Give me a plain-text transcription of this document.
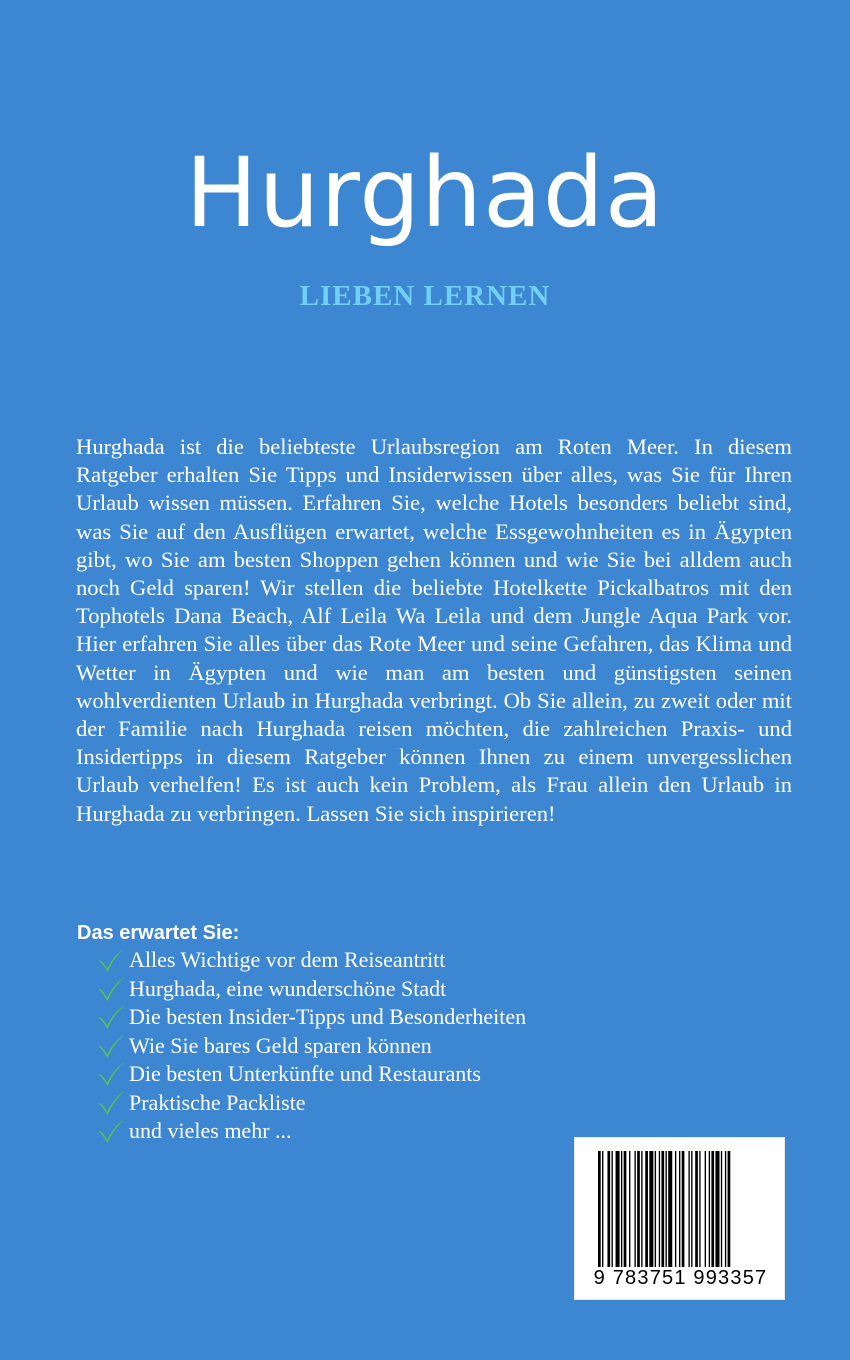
Hurghada
LIEBEN LERNEN

Hurghada ist die beliebteste Urlaubsregion am Roten Meer. In diesem Ratgeber erhalten Sie Tipps und Insiderwissen über alles, was Sie für Ihren Urlaub wissen müssen. Erfahren Sie, welche Hotels besonders beliebt sind, was Sie auf den Ausflügen erwartet, welche Essgewohnheiten es in Ägypten gibt, wo Sie am besten Shoppen gehen können und wie Sie bei alldem auch noch Geld sparen! Wir stellen die beliebte Hotelkette Pickalbatros mit den Tophotels Dana Beach, Alf Leila Wa Leila und dem Jungle Aqua Park vor. Hier erfahren Sie alles über das Rote Meer und seine Gefahren, das Klima und Wetter in Ägypten und wie man am besten und günstigsten seinen wohlverdienten Urlaub in Hurghada verbringt. Ob Sie allein, zu zweit oder mit der Familie nach Hurghada reisen möchten, die zahlreichen Praxis- und Insidertipps in diesem Ratgeber können Ihnen zu einem unvergesslichen Urlaub verhelfen! Es ist auch kein Problem, als Frau allein den Urlaub in Hurghada zu verbringen. Lassen Sie sich inspirieren!

Das erwartet Sie:
Alles Wichtige vor dem Reiseantritt
Hurghada, eine wunderschöne Stadt
Die besten Insider-Tipps und Besonderheiten
Wie Sie bares Geld sparen können
Die besten Unterkünfte und Restaurants
Praktische Packliste
und vieles mehr ...
9 783751 993357
